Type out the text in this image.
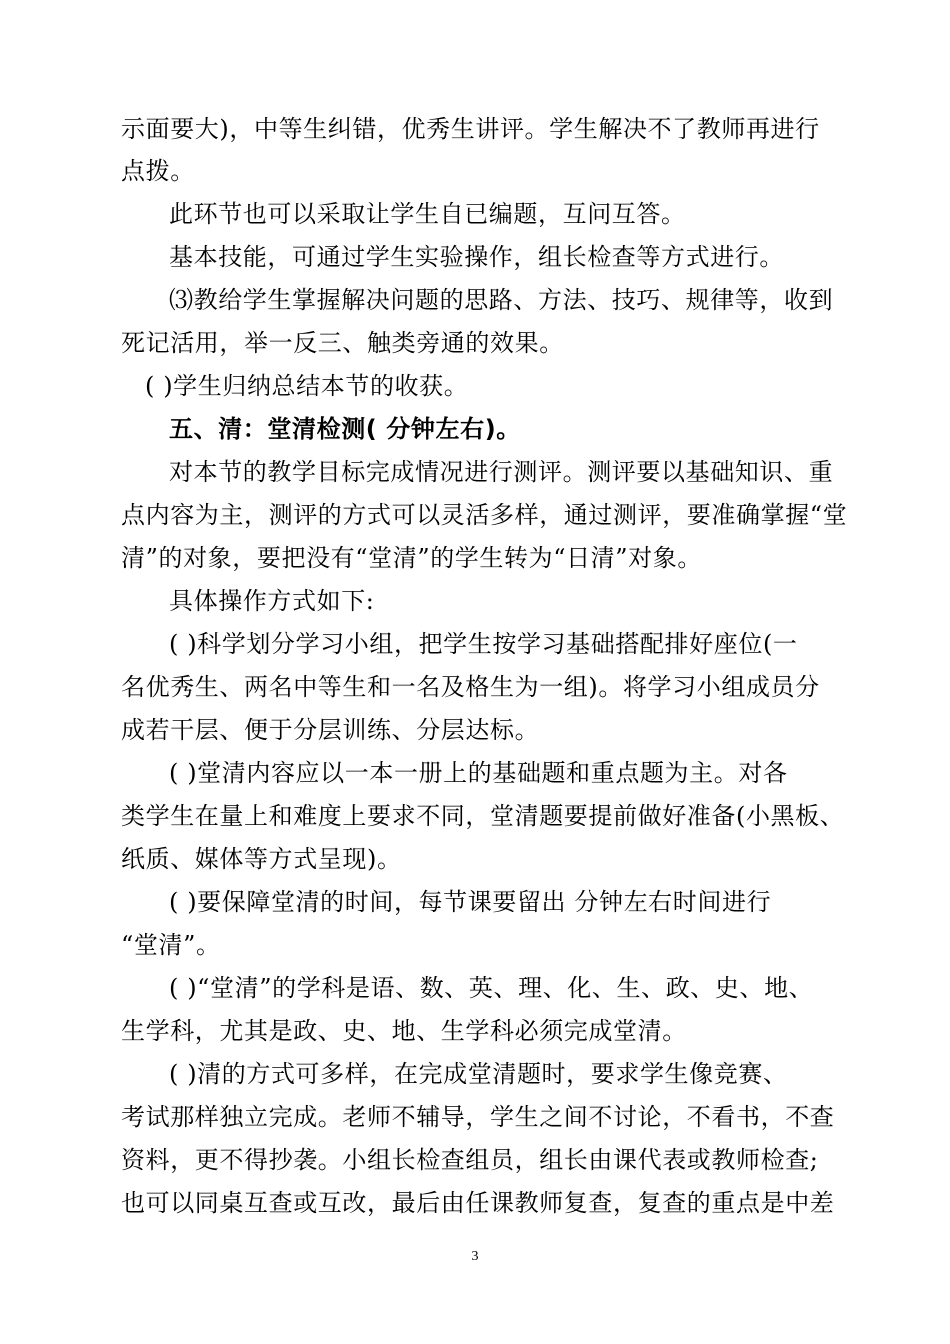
示面要大)，中等生纠错，优秀生讲评。学生解决不了教师再进行
点拨。
此环节也可以采取让学生自已编题，互问互答。
基本技能，可通过学生实验操作，组长检查等方式进行。
⑶教给学生掌握解决问题的思路、方法、技巧、规律等，收到
死记活用，举一反三、触类旁通的效果。
( )学生归纳总结本节的收获。
五、清：堂清检测( 分钟左右)。
对本节的教学目标完成情况进行测评。测评要以基础知识、重
点内容为主，测评的方式可以灵活多样，通过测评，要准确掌握“堂
清”的对象，要把没有“堂清”的学生转为“日清”对象。
具体操作方式如下:
( )科学划分学习小组，把学生按学习基础搭配排好座位(一
名优秀生、两名中等生和一名及格生为一组)。将学习小组成员分
成若干层、便于分层训练、分层达标。
( )堂清内容应以一本一册上的基础题和重点题为主。对各
类学生在量上和难度上要求不同，堂清题要提前做好准备(小黑板、
纸质、媒体等方式呈现)。
( )要保障堂清的时间，每节课要留出 分钟左右时间进行
“堂清”。
( )“堂清”的学科是语、数、英、理、化、生、政、史、地、
生学科，尤其是政、史、地、生学科必须完成堂清。
( )清的方式可多样，在完成堂清题时，要求学生像竞赛、
考试那样独立完成。老师不辅导，学生之间不讨论，不看书，不查
资料，更不得抄袭。小组长检查组员，组长由课代表或教师检查;
也可以同桌互查或互改，最后由任课教师复查，复查的重点是中差
3
